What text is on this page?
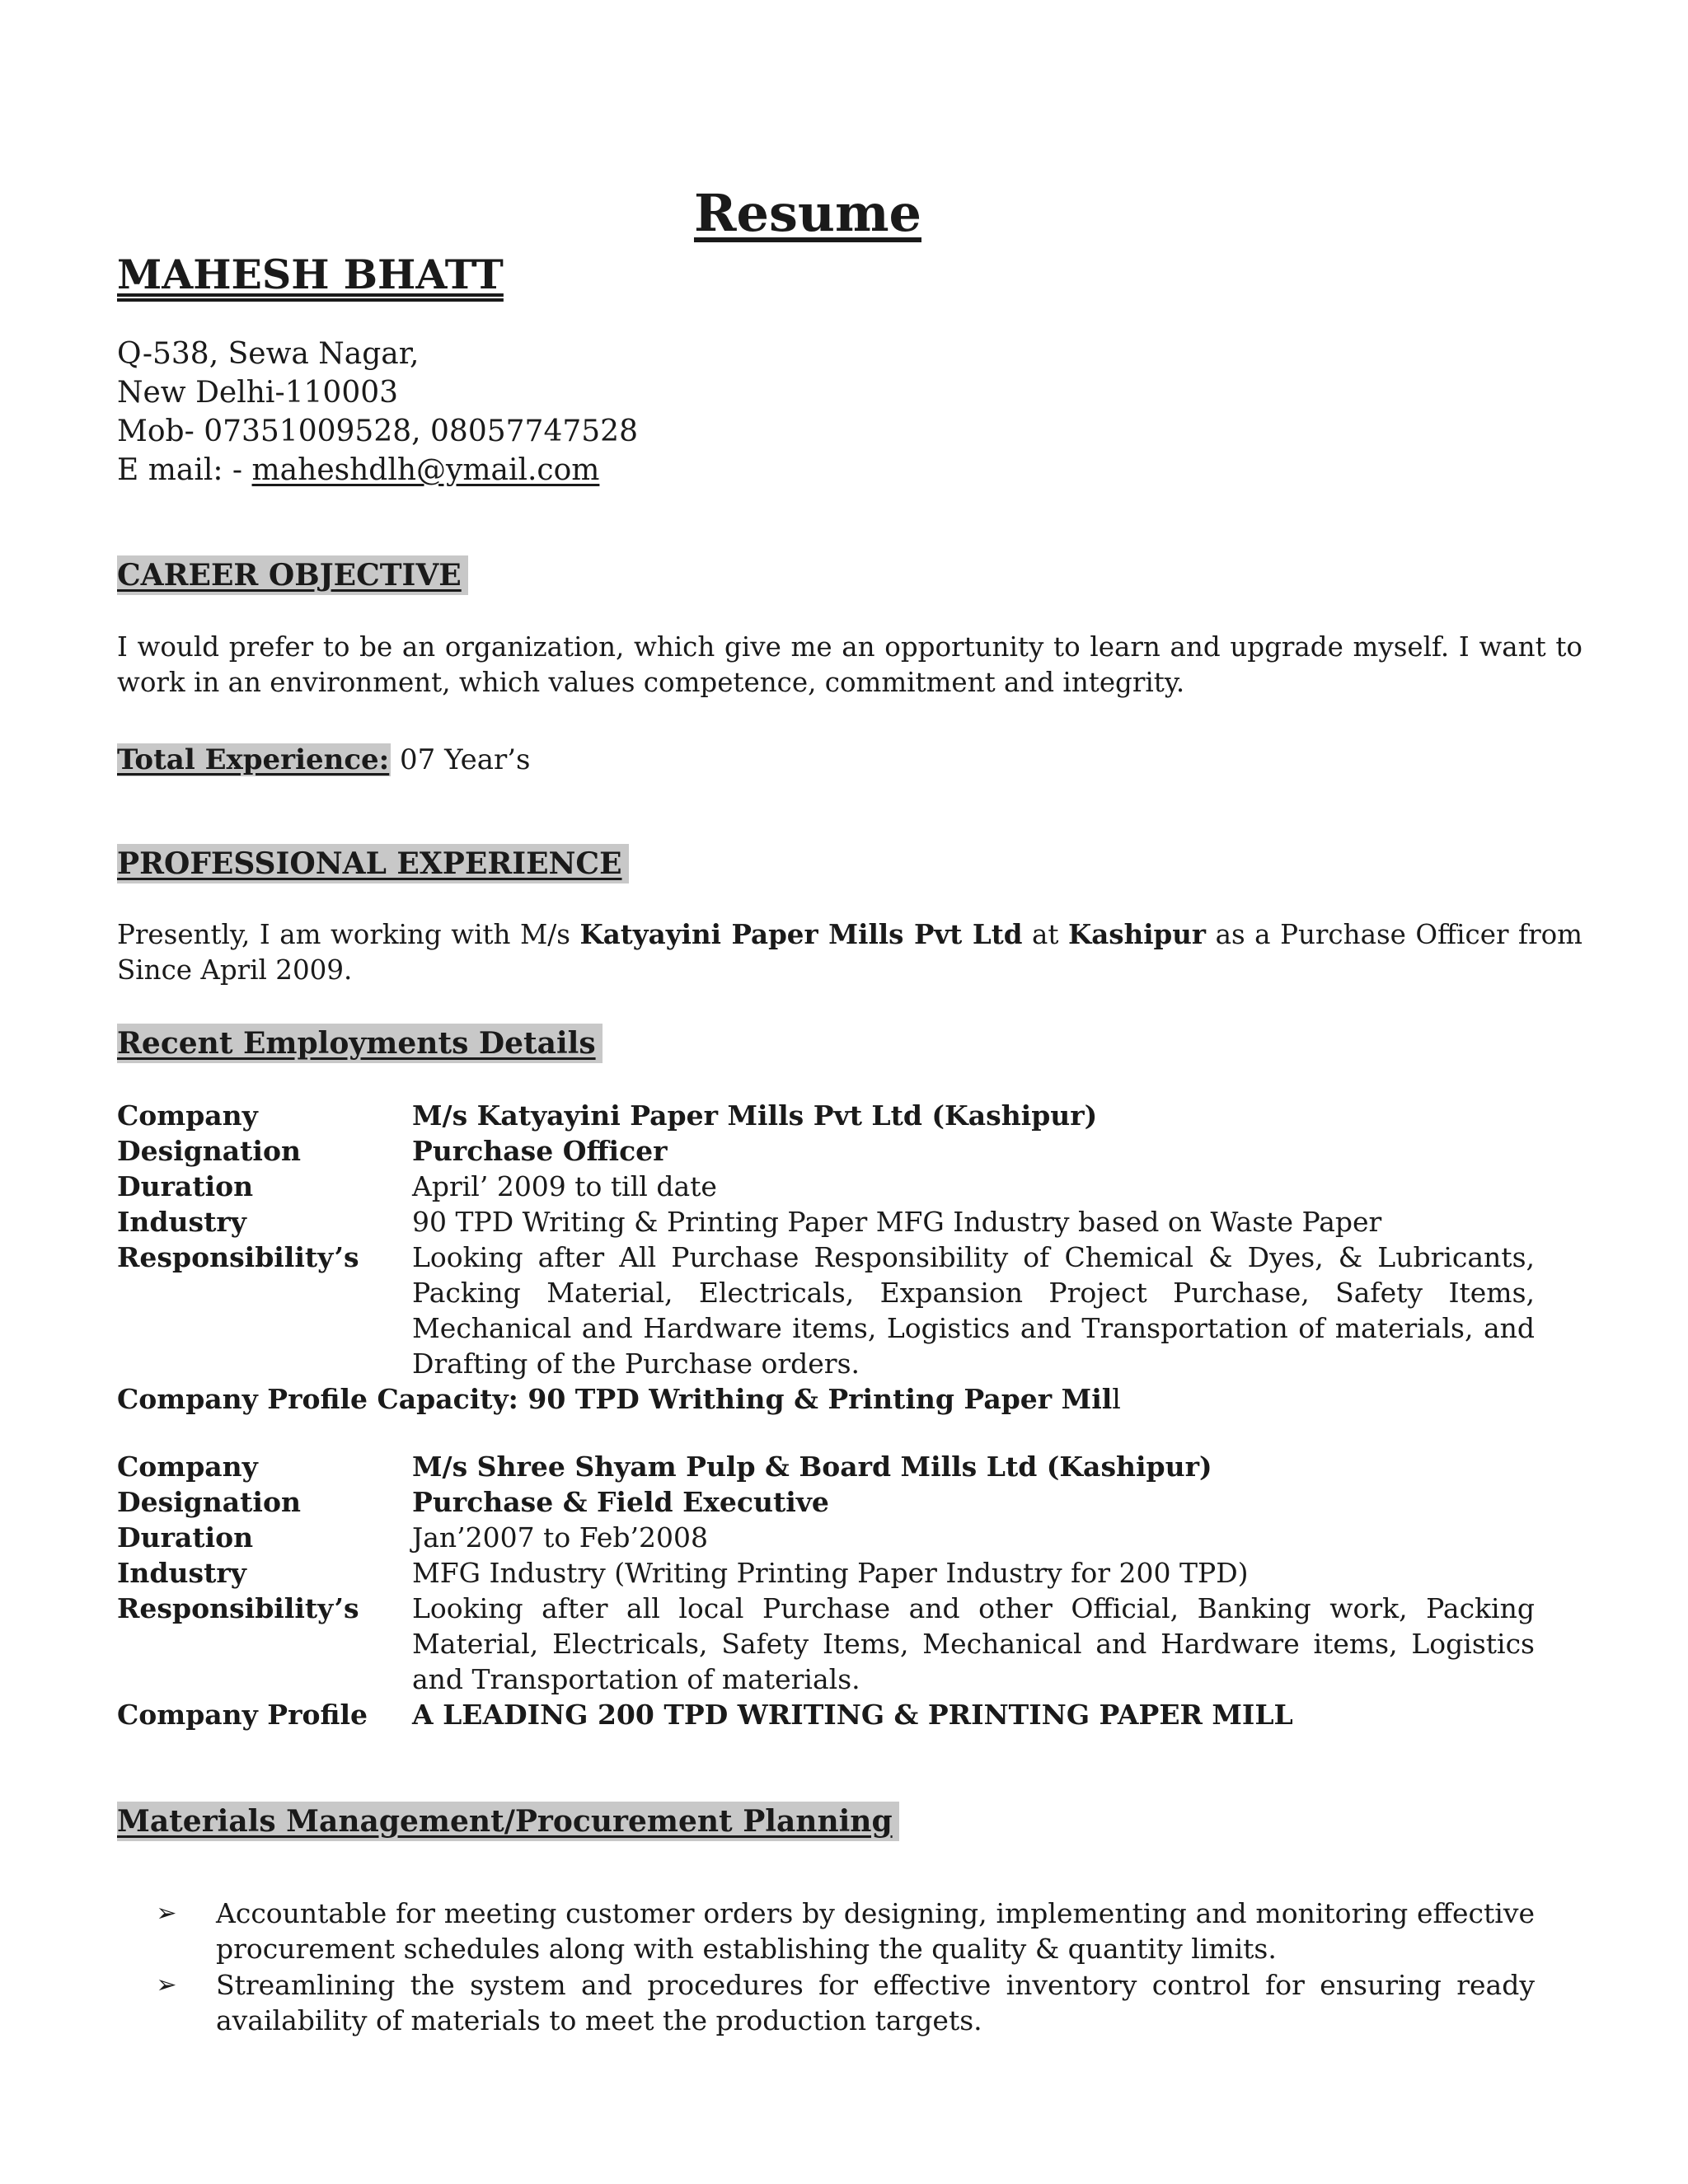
Resume
MAHESH BHATT
Q-538, Sewa Nagar,
New Delhi-110003
Mob- 07351009528, 08057747528
E mail: - maheshdlh@ymail.com
CAREER OBJECTIVE
I would prefer to be an organization, which give me an opportunity to learn and upgrade myself. I want to work in an environment, which values competence, commitment and integrity.
Total Experience: 07 Year’s
PROFESSIONAL EXPERIENCE
Presently, I am working with M/s Katyayini Paper Mills Pvt Ltd at Kashipur as a Purchase Officer from Since April 2009.
Recent Employments Details
Company	M/s Katyayini Paper Mills Pvt Ltd (Kashipur)
Designation	Purchase Officer
Duration	April’ 2009 to till date
Industry	90 TPD Writing & Printing Paper MFG Industry based on Waste Paper
Responsibility’s	Looking after All Purchase Responsibility of Chemical & Dyes, & Lubricants, Packing Material, Electricals, Expansion Project Purchase, Safety Items, Mechanical and Hardware items, Logistics and Transportation of materials, and Drafting of the Purchase orders.
Company Profile Capacity: 90 TPD Writhing & Printing Paper Mill
Company	M/s Shree Shyam Pulp & Board Mills Ltd (Kashipur)
Designation	Purchase & Field Executive
Duration	Jan’2007 to Feb’2008
Industry	MFG Industry (Writing Printing Paper Industry for 200 TPD)
Responsibility’s	Looking after all local Purchase and other Official, Banking work, Packing Material, Electricals, Safety Items, Mechanical and Hardware items, Logistics and Transportation of materials.
Company Profile	A LEADING 200 TPD WRITING & PRINTING PAPER MILL
Materials Management/Procurement Planning
➢	Accountable for meeting customer orders by designing, implementing and monitoring effective procurement schedules along with establishing the quality & quantity limits.
➢	Streamlining the system and procedures for effective inventory control for ensuring ready availability of materials to meet the production targets.
